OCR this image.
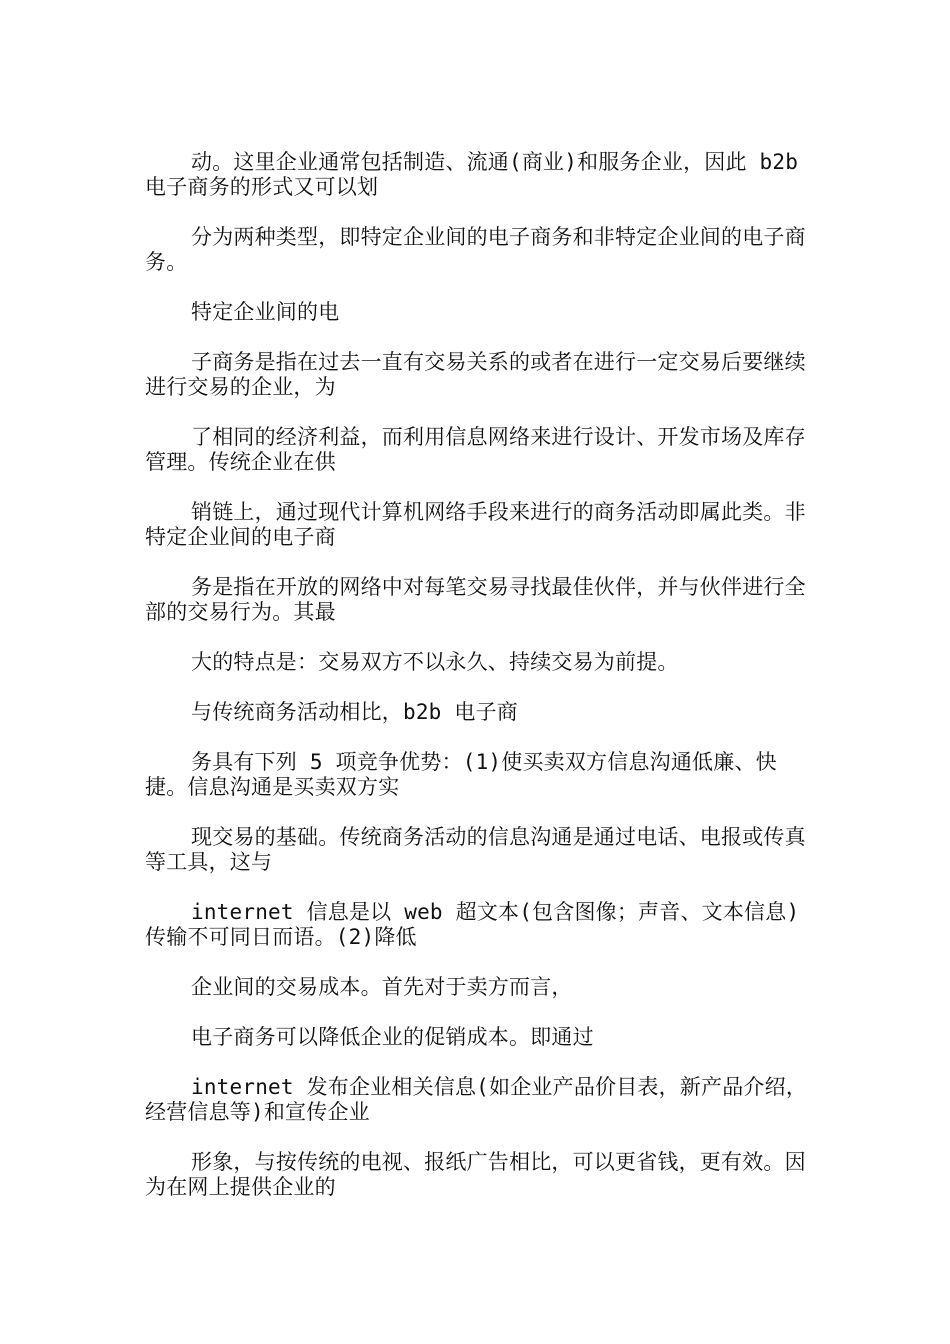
动。这里企业通常包括制造、流通(商业)和服务企业，因此 b2b 电子商务的形式又可以划

分为两种类型，即特定企业间的电子商务和非特定企业间的电子商务。

特定企业间的电

子商务是指在过去一直有交易关系的或者在进行一定交易后要继续进行交易的企业，为

了相同的经济利益，而利用信息网络来进行设计、开发市场及库存管理。传统企业在供

销链上，通过现代计算机网络手段来进行的商务活动即属此类。非特定企业间的电子商

务是指在开放的网络中对每笔交易寻找最佳伙伴，并与伙伴进行全部的交易行为。其最

大的特点是：交易双方不以永久、持续交易为前提。

与传统商务活动相比，b2b 电子商

务具有下列 5 项竞争优势：(1)使买卖双方信息沟通低廉、快捷。信息沟通是买卖双方实

现交易的基础。传统商务活动的信息沟通是通过电话、电报或传真等工具，这与

internet 信息是以 web 超文本(包含图像；声音、文本信息)传输不可同日而语。(2)降低

企业间的交易成本。首先对于卖方而言，

电子商务可以降低企业的促销成本。即通过

internet 发布企业相关信息(如企业产品价目表，新产品介绍，经营信息等)和宣传企业

形象，与按传统的电视、报纸广告相比，可以更省钱，更有效。因为在网上提供企业的
